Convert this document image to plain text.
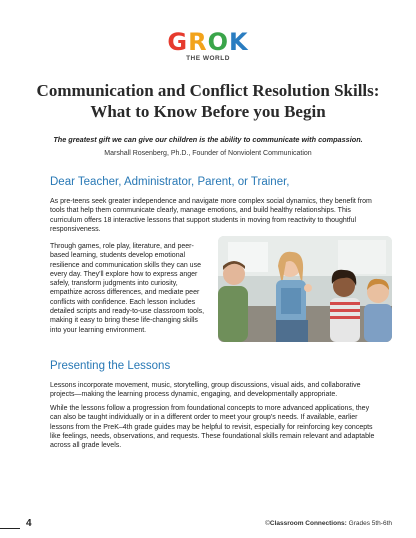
GROK
THE WORLD
Communication and Conflict Resolution Skills:
What to Know Before you Begin
The greatest gift we can give our children is the ability to communicate with compassion.
Marshall Rosenberg, Ph.D., Founder of Nonviolent Communication
Dear Teacher, Administrator, Parent, or Trainer,
As pre-teens seek greater independence and navigate more complex social dynamics, they benefit from tools that help them communicate clearly, manage emotions, and build healthy relationships. This curriculum offers 18 interactive lessons that support students in moving from reactivity to thoughtful responsiveness.
Through games, role play, literature, and peer-based learning, students develop emotional resilience and communication skills they can use every day. They'll explore how to express anger safely, transform judgments into curiosity, empathize across differences, and mediate peer conflicts with confidence. Each lesson includes detailed scripts and ready-to-use classroom tools, making it easy to bring these life-changing skills into your learning environment.
Presenting the Lessons
Lessons incorporate movement, music, storytelling, group discussions, visual aids, and collaborative projects—making the learning process dynamic, engaging, and developmentally appropriate.
While the lessons follow a progression from foundational concepts to more advanced applications, they can also be taught individually or in a different order to meet your group's needs. If available, earlier lessons from the PreK–4th grade guides may be helpful to revisit, especially for reinforcing key concepts like feelings, needs, observations, and requests. These foundational skills remain relevant and adaptable across all grade levels.
4	©Classroom Connections: Grades 5th-6th
